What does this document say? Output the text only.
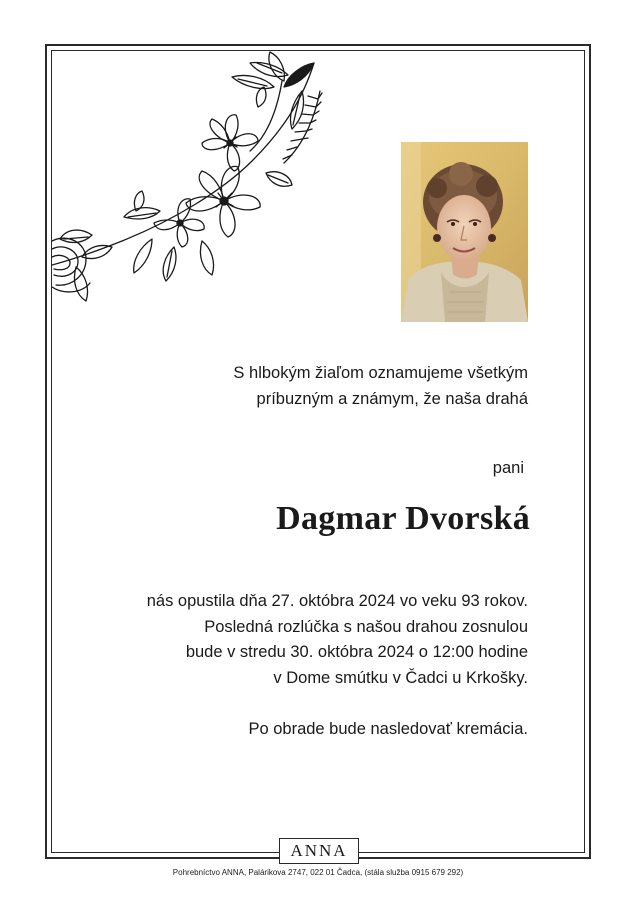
S hlbokým žiaľom oznamujeme všetkým
príbuzným a známym, že naša drahá
pani
Dagmar Dvorská
nás opustila dňa 27. októbra 2024 vo veku 93 rokov.
Posledná rozlúčka s našou drahou zosnulou
bude v stredu 30. októbra 2024 o 12:00 hodine
v Dome smútku v Čadci u Krkošky.
Po obrade bude nasledovať kremácia.
ANNA
Pohrebníctvo ANNA, Palárikova 2747, 022 01 Čadca, (stála služba 0915 679 292)
